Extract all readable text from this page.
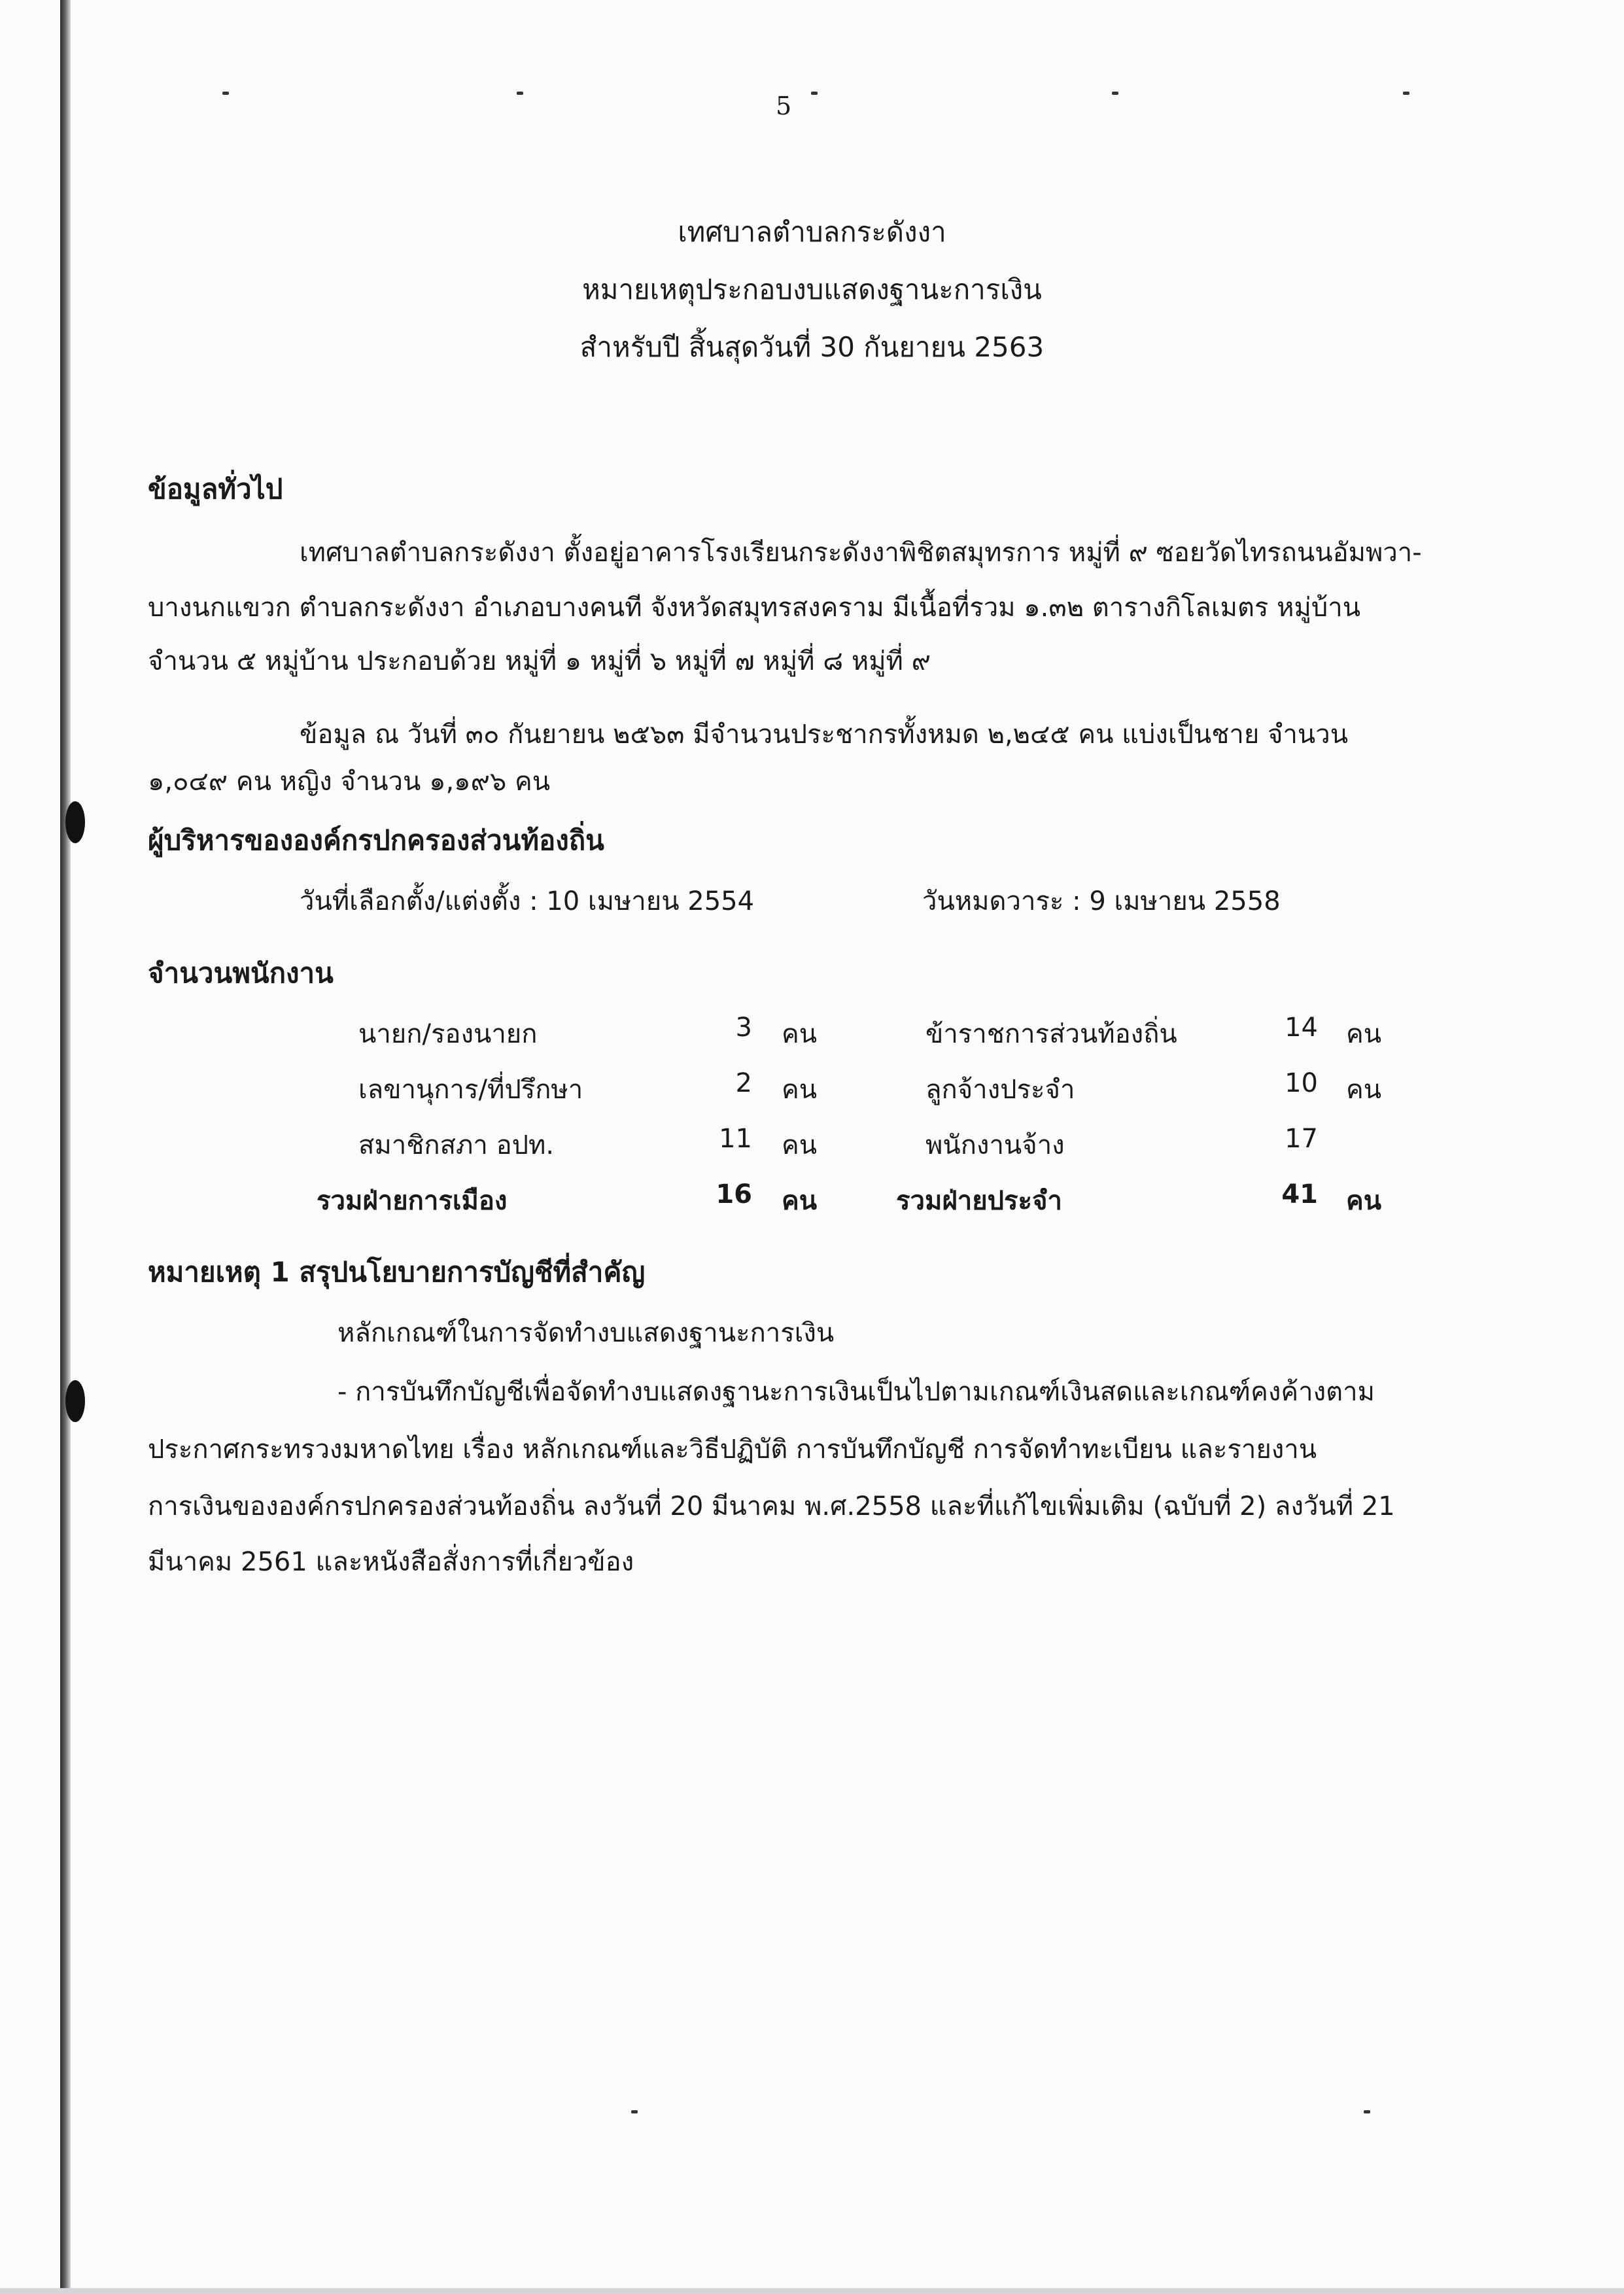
5
เทศบาลตำบลกระดังงา
หมายเหตุประกอบงบแสดงฐานะการเงิน
สำหรับปี สิ้นสุดวันที่ 30 กันยายน 2563
ข้อมูลทั่วไป
เทศบาลตำบลกระดังงา ตั้งอยู่อาคารโรงเรียนกระดังงาพิชิตสมุทรการ หมู่ที่ ๙ ซอยวัดไทรถนนอัมพวา-
บางนกแขวก ตำบลกระดังงา อำเภอบางคนที จังหวัดสมุทรสงคราม มีเนื้อที่รวม ๑.๓๒ ตารางกิโลเมตร หมู่บ้าน
จำนวน ๕ หมู่บ้าน ประกอบด้วย หมู่ที่ ๑ หมู่ที่ ๖ หมู่ที่ ๗ หมู่ที่ ๘ หมู่ที่ ๙
ข้อมูล ณ วันที่ ๓๐ กันยายน ๒๕๖๓ มีจำนวนประชากรทั้งหมด ๒,๒๔๕ คน แบ่งเป็นชาย จำนวน
๑,๐๔๙ คน หญิง จำนวน ๑,๑๙๖ คน
ผู้บริหารขององค์กรปกครองส่วนท้องถิ่น
วันที่เลือกตั้ง/แต่งตั้ง : 10 เมษายน 2554	วันหมดวาระ : 9 เมษายน 2558
จำนวนพนักงาน
นายก/รองนายก	3 คน	ข้าราชการส่วนท้องถิ่น	14 คน
เลขานุการ/ที่ปรึกษา	2 คน	ลูกจ้างประจำ	10 คน
สมาชิกสภา อปท.	11 คน	พนักงานจ้าง	17
รวมฝ่ายการเมือง	16 คน	รวมฝ่ายประจำ	41 คน
หมายเหตุ 1 สรุปนโยบายการบัญชีที่สำคัญ
หลักเกณฑ์ในการจัดทำงบแสดงฐานะการเงิน
- การบันทึกบัญชีเพื่อจัดทำงบแสดงฐานะการเงินเป็นไปตามเกณฑ์เงินสดและเกณฑ์คงค้างตาม
ประกาศกระทรวงมหาดไทย เรื่อง หลักเกณฑ์และวิธีปฏิบัติ การบันทึกบัญชี การจัดทำทะเบียน และรายงาน
การเงินขององค์กรปกครองส่วนท้องถิ่น ลงวันที่ 20 มีนาคม พ.ศ.2558 และที่แก้ไขเพิ่มเติม (ฉบับที่ 2) ลงวันที่ 21
มีนาคม 2561 และหนังสือสั่งการที่เกี่ยวข้อง
